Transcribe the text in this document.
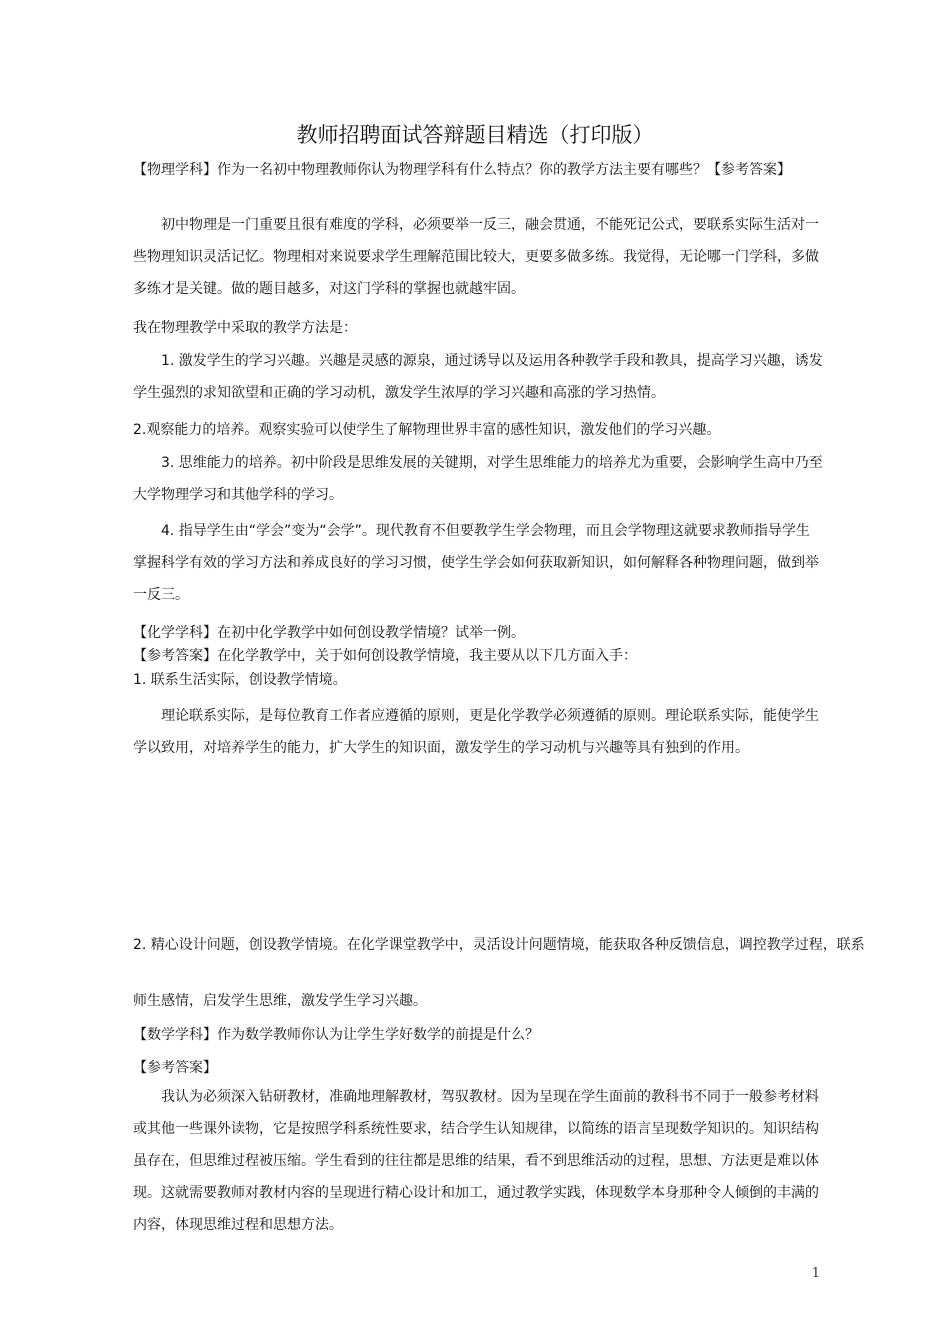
教师招聘面试答辩题目精选（打印版）
【物理学科】作为一名初中物理教师你认为物理学科有什么特点？你的教学方法主要有哪些？【参考答案】
初中物理是一门重要且很有难度的学科，必须要举一反三，融会贯通，不能死记公式，要联系实际生活对一些物理知识灵活记忆。物理相对来说要求学生理解范围比较大，更要多做多练。我觉得，无论哪一门学科，多做多练才是关键。做的题目越多，对这门学科的掌握也就越牢固。
我在物理教学中采取的教学方法是：
1. 激发学生的学习兴趣。兴趣是灵感的源泉，通过诱导以及运用各种教学手段和教具，提高学习兴趣，诱发学生强烈的求知欲望和正确的学习动机，激发学生浓厚的学习兴趣和高涨的学习热情。
2.观察能力的培养。观察实验可以使学生了解物理世界丰富的感性知识，激发他们的学习兴趣。
3. 思维能力的培养。初中阶段是思维发展的关键期，对学生思维能力的培养尤为重要，会影响学生高中乃至大学物理学习和其他学科的学习。
4. 指导学生由“学会”变为“会学”。现代教育不但要教学生学会物理，而且会学物理这就要求教师指导学生掌握科学有效的学习方法和养成良好的学习习惯，使学生学会如何获取新知识，如何解释各种物理问题，做到举一反三。
【化学学科】在初中化学教学中如何创设教学情境？试举一例。
【参考答案】在化学教学中，关于如何创设教学情境，我主要从以下几方面入手：
1. 联系生活实际，创设教学情境。
理论联系实际，是每位教育工作者应遵循的原则，更是化学教学必须遵循的原则。理论联系实际，能使学生学以致用，对培养学生的能力，扩大学生的知识面，激发学生的学习动机与兴趣等具有独到的作用。
2. 精心设计问题，创设教学情境。在化学课堂教学中，灵活设计问题情境，能获取各种反馈信息，调控教学过程，联系
师生感情，启发学生思维，激发学生学习兴趣。
【数学学科】作为数学教师你认为让学生学好数学的前提是什么？
【参考答案】
我认为必须深入钻研教材，准确地理解教材，驾驭教材。因为呈现在学生面前的教科书不同于一般参考材料或其他一些课外读物，它是按照学科系统性要求，结合学生认知规律，以简练的语言呈现数学知识的。知识结构虽存在，但思维过程被压缩。学生看到的往往都是思维的结果，看不到思维活动的过程，思想、方法更是难以体现。这就需要教师对教材内容的呈现进行精心设计和加工，通过教学实践，体现数学本身那种令人倾倒的丰满的内容，体现思维过程和思想方法。
1
